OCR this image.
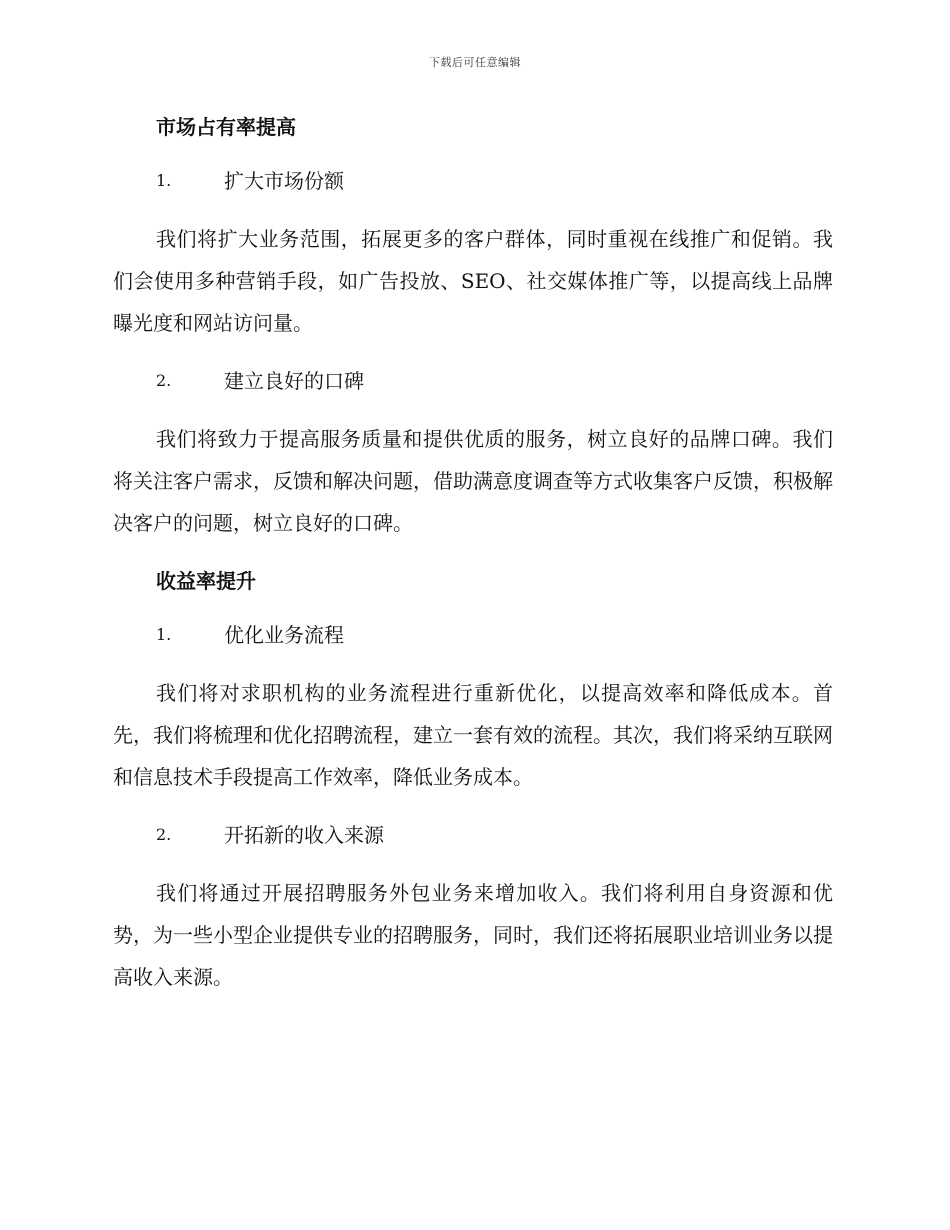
下载后可任意编辑
市场占有率提高
1.	扩大市场份额

我们将扩大业务范围，拓展更多的客户群体，同时重视在线推广和促销。我们会使用多种营销手段，如广告投放、SEO、社交媒体推广等，以提高线上品牌曝光度和网站访问量。

2.	建立良好的口碑

我们将致力于提高服务质量和提供优质的服务，树立良好的品牌口碑。我们将关注客户需求，反馈和解决问题，借助满意度调查等方式收集客户反馈，积极解决客户的问题，树立良好的口碑。

收益率提升
1.	优化业务流程

我们将对求职机构的业务流程进行重新优化，以提高效率和降低成本。首先，我们将梳理和优化招聘流程，建立一套有效的流程。其次，我们将采纳互联网和信息技术手段提高工作效率，降低业务成本。

2.	开拓新的收入来源

我们将通过开展招聘服务外包业务来增加收入。我们将利用自身资源和优势，为一些小型企业提供专业的招聘服务，同时，我们还将拓展职业培训业务以提高收入来源。
